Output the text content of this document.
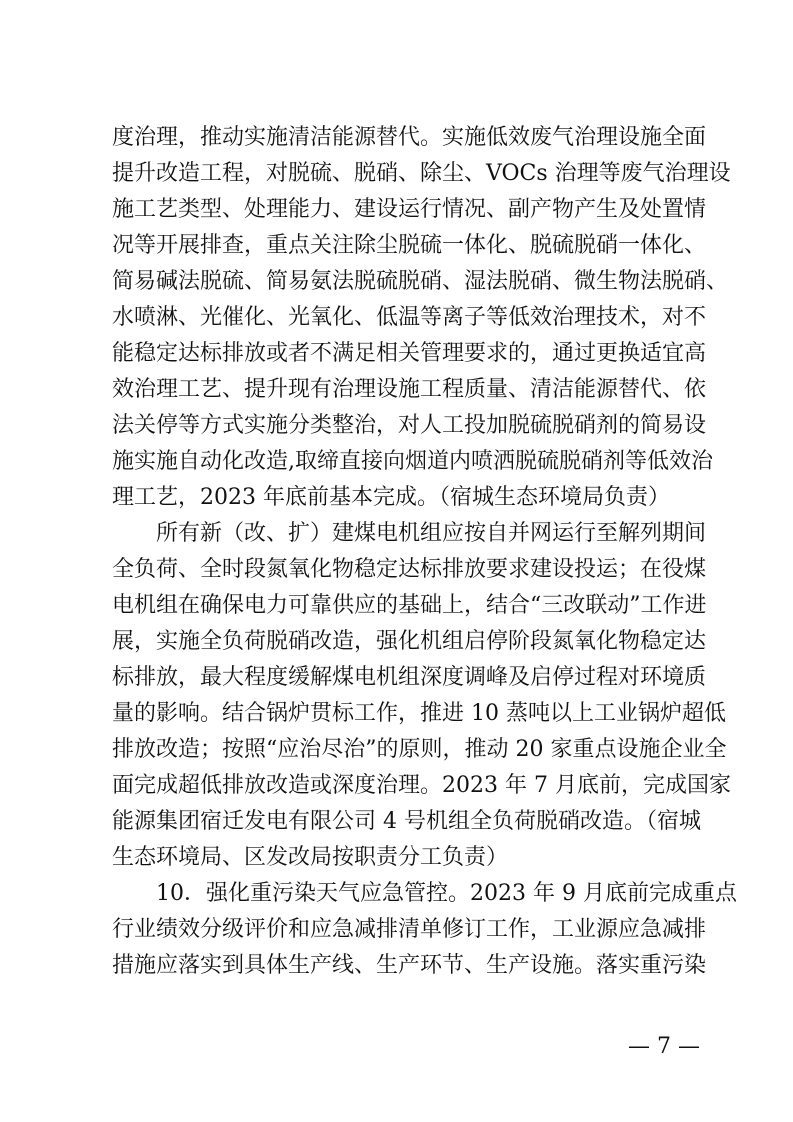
度治理，推动实施清洁能源替代。实施低效废气治理设施全面
提升改造工程，对脱硫、脱硝、除尘、VOCs 治理等废气治理设
施工艺类型、处理能力、建设运行情况、副产物产生及处置情
况等开展排查，重点关注除尘脱硫一体化、脱硫脱硝一体化、
简易碱法脱硫、简易氨法脱硫脱硝、湿法脱硝、微生物法脱硝、
水喷淋、光催化、光氧化、低温等离子等低效治理技术，对不
能稳定达标排放或者不满足相关管理要求的，通过更换适宜高
效治理工艺、提升现有治理设施工程质量、清洁能源替代、依
法关停等方式实施分类整治，对人工投加脱硫脱硝剂的简易设
施实施自动化改造,取缔直接向烟道内喷洒脱硫脱硝剂等低效治
理工艺，2023 年底前基本完成。（宿城生态环境局负责）
所有新（改、扩）建煤电机组应按自并网运行至解列期间
全负荷、全时段氮氧化物稳定达标排放要求建设投运；在役煤
电机组在确保电力可靠供应的基础上，结合“三改联动”工作进
展，实施全负荷脱硝改造，强化机组启停阶段氮氧化物稳定达
标排放，最大程度缓解煤电机组深度调峰及启停过程对环境质
量的影响。结合锅炉贯标工作，推进 10 蒸吨以上工业锅炉超低
排放改造；按照“应治尽治”的原则，推动 20 家重点设施企业全
面完成超低排放改造或深度治理。2023 年 7 月底前，完成国家
能源集团宿迁发电有限公司 4 号机组全负荷脱硝改造。（宿城
生态环境局、区发改局按职责分工负责）
10．强化重污染天气应急管控。2023 年 9 月底前完成重点
行业绩效分级评价和应急减排清单修订工作，工业源应急减排
措施应落实到具体生产线、生产环节、生产设施。落实重污染
— 7 —
